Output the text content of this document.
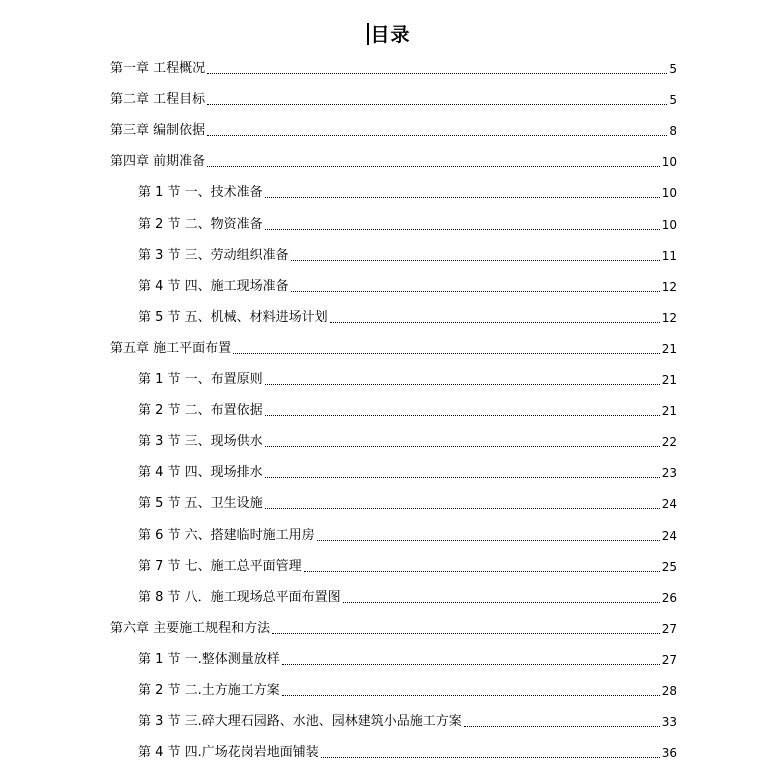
目录
第一章 工程概况	5
第二章 工程目标	5
第三章 编制依据	8
第四章 前期准备	10
第 1 节 一、技术准备	10
第 2 节 二、物资准备	10
第 3 节 三、劳动组织准备	11
第 4 节 四、施工现场准备	12
第 5 节 五、机械、材料进场计划	12
第五章 施工平面布置	21
第 1 节 一、布置原则	21
第 2 节 二、布置依据	21
第 3 节 三、现场供水	22
第 4 节 四、现场排水	23
第 5 节 五、卫生设施	24
第 6 节 六、搭建临时施工用房	24
第 7 节 七、施工总平面管理	25
第 8 节 八．施工现场总平面布置图	26
第六章 主要施工规程和方法	27
第 1 节 一.整体测量放样	27
第 2 节 二.土方施工方案	28
第 3 节 三.碎大理石园路、水池、园林建筑小品施工方案	33
第 4 节 四.广场花岗岩地面铺装	36
